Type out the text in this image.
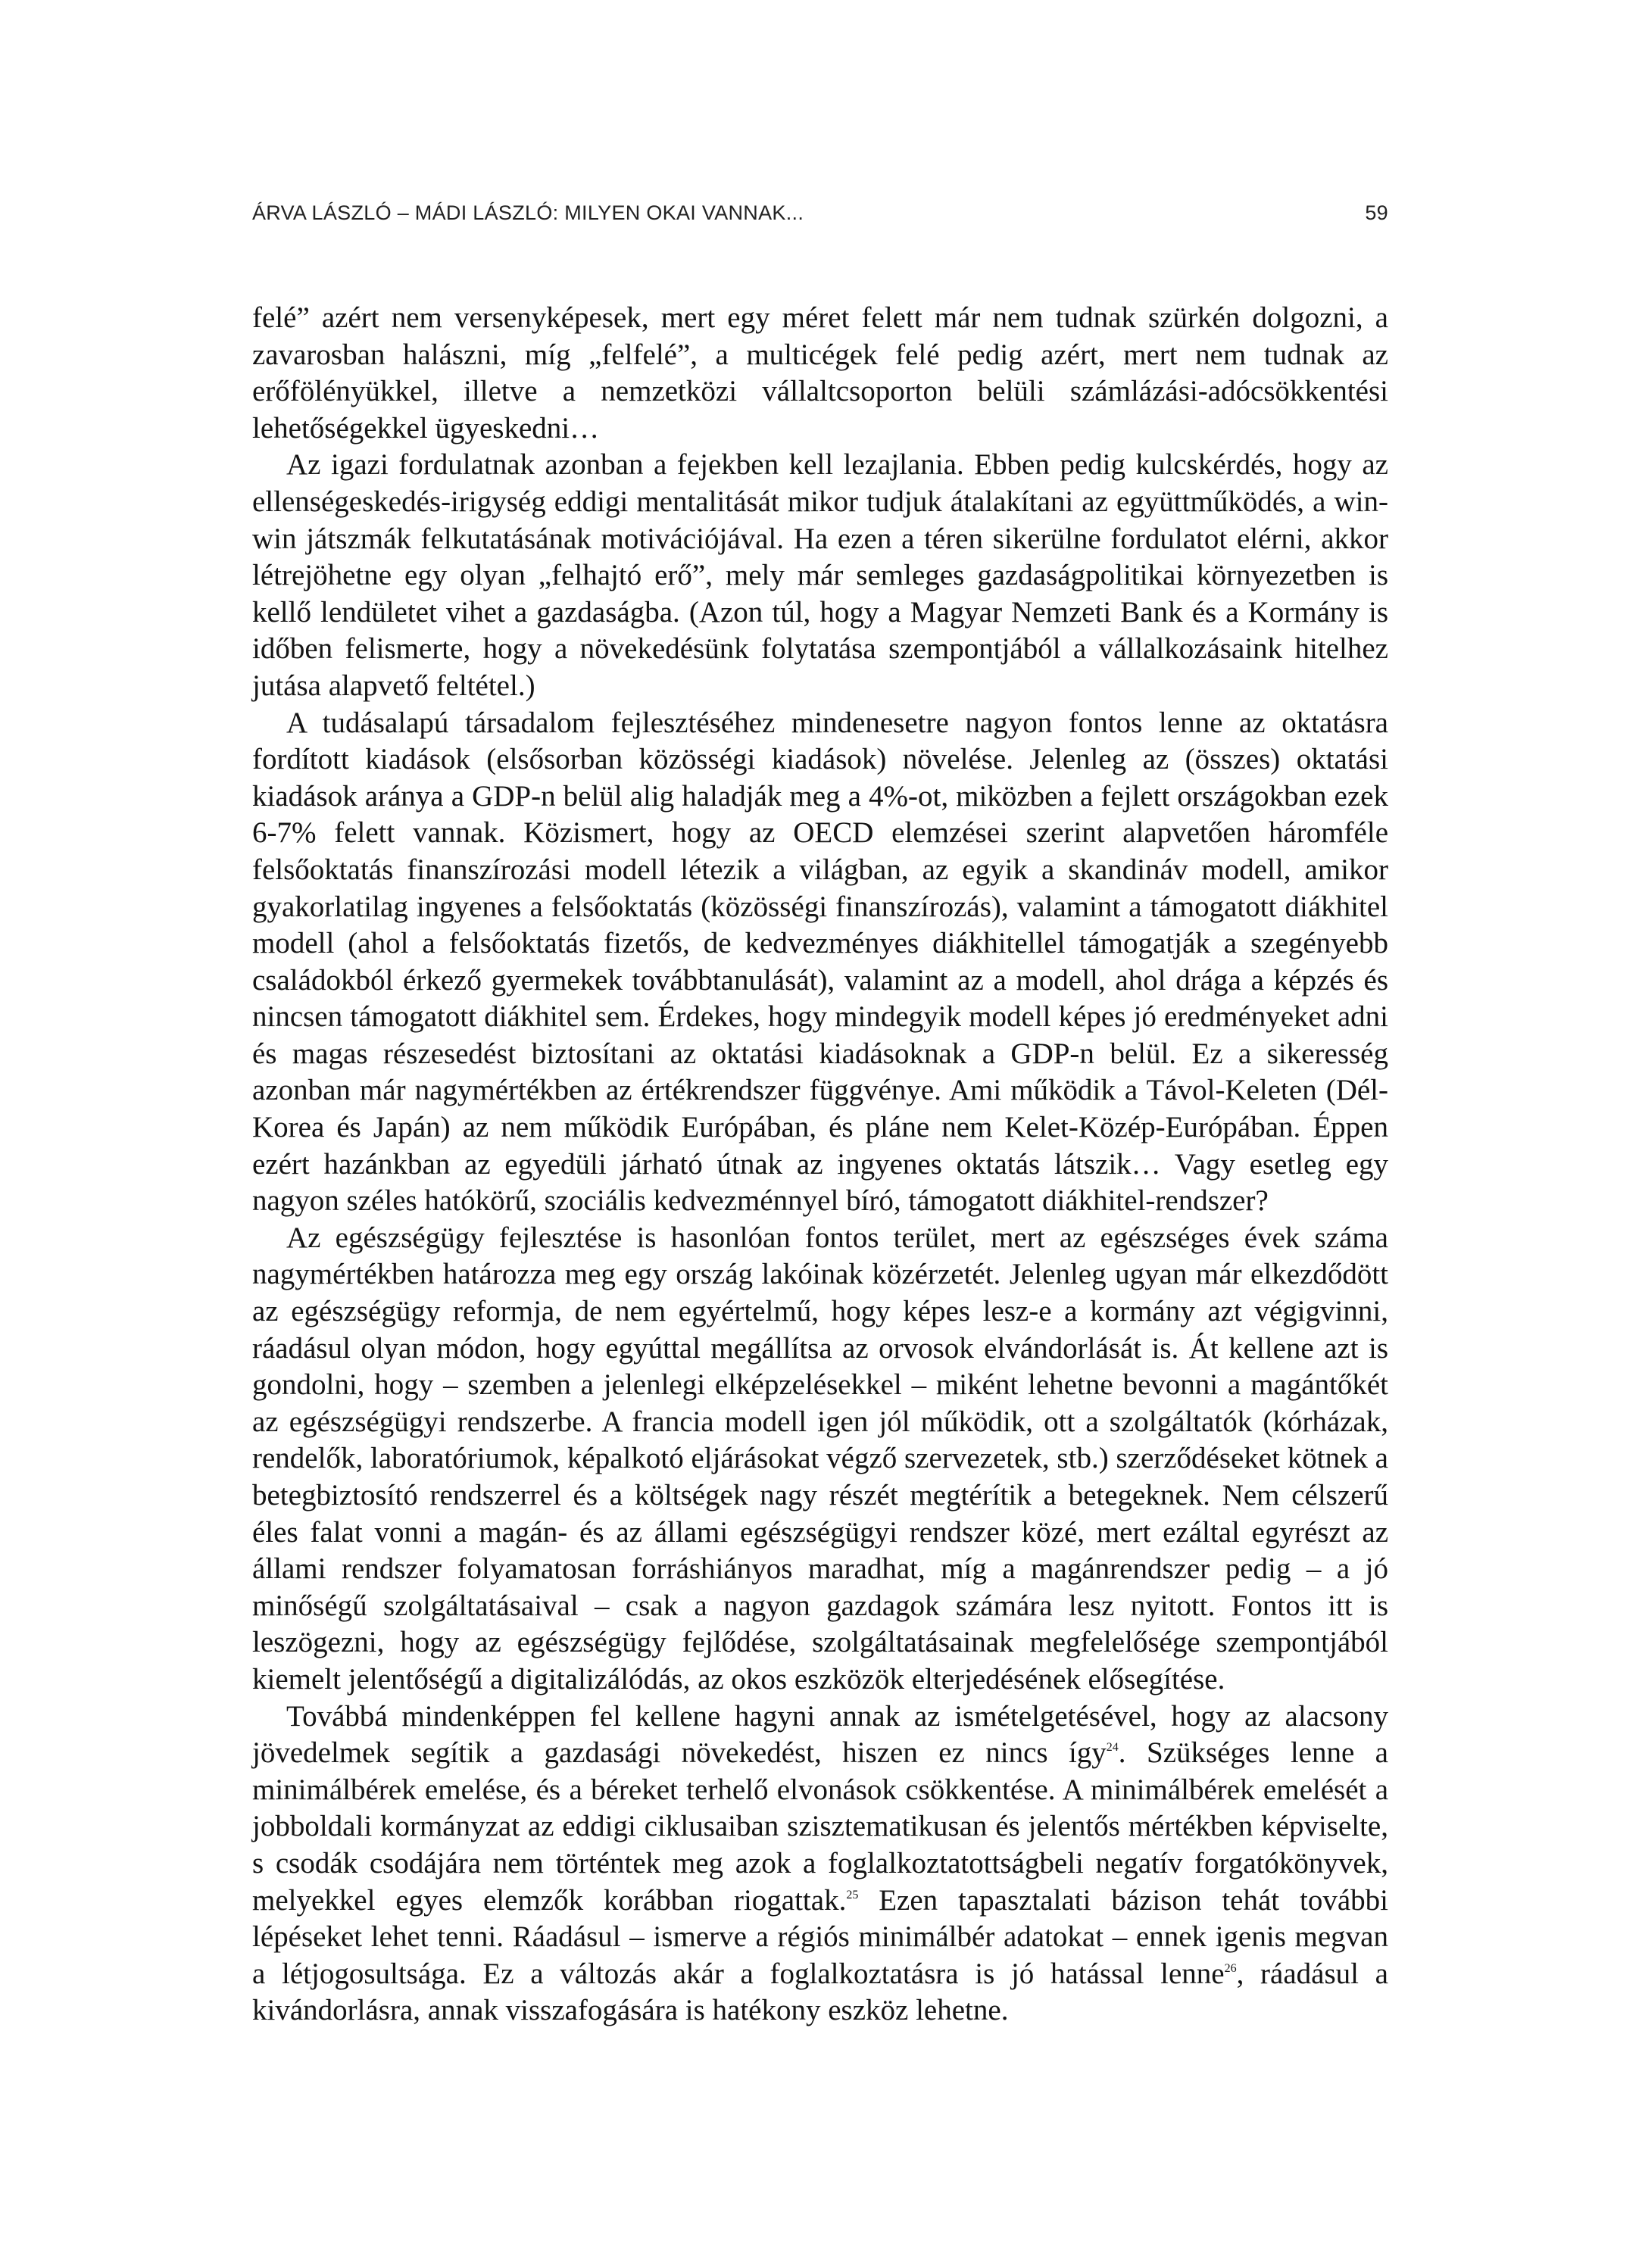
ÁRVA LÁSZLÓ – MÁDI LÁSZLÓ: MILYEN OKAI VANNAK...	59

felé” azért nem versenyképesek, mert egy méret felett már nem tudnak szürkén dolgozni, a zavarosban halászni, míg „felfelé”, a multicégek felé pedig azért, mert nem tudnak az erőfölényükkel, illetve a nemzetközi vállaltcsoporton belüli számlázási-adócsökkentési lehetőségekkel ügyeskedni…

Az igazi fordulatnak azonban a fejekben kell lezajlania. Ebben pedig kulcskérdés, hogy az ellenségeskedés-irigység eddigi mentalitását mikor tudjuk átalakítani az együttműködés, a win-win játszmák felkutatásának motivációjával. Ha ezen a téren sikerülne fordulatot elérni, akkor létrejöhetne egy olyan „felhajtó erő”, mely már semleges gazdaságpolitikai környezetben is kellő lendületet vihet a gazdaságba. (Azon túl, hogy a Magyar Nemzeti Bank és a Kormány is időben felismerte, hogy a növekedésünk folytatása szempontjából a vállalkozásaink hitelhez jutása alapvető feltétel.)

A tudásalapú társadalom fejlesztéséhez mindenesetre nagyon fontos lenne az oktatásra fordított kiadások (elsősorban közösségi kiadások) növelése. Jelenleg az (összes) oktatási kiadások aránya a GDP-n belül alig haladják meg a 4%-ot, miközben a fejlett országokban ezek 6-7% felett vannak. Közismert, hogy az OECD elemzései szerint alapvetően háromféle felsőoktatás finanszírozási modell létezik a világban, az egyik a skandináv modell, amikor gyakorlatilag ingyenes a felsőoktatás (közösségi finanszírozás), valamint a támogatott diákhitel modell (ahol a felsőoktatás fizetős, de kedvezményes diákhitellel támogatják a szegényebb családokból érkező gyermekek továbbtanulását), valamint az a modell, ahol drága a képzés és nincsen támogatott diákhitel sem. Érdekes, hogy mindegyik modell képes jó eredményeket adni és magas részesedést biztosítani az oktatási kiadásoknak a GDP-n belül. Ez a sikeresség azonban már nagymértékben az értékrendszer függvénye. Ami működik a Távol-Keleten (Dél-Korea és Japán) az nem működik Európában, és pláne nem Kelet-Közép-Európában. Éppen ezért hazánkban az egyedüli járható útnak az ingyenes oktatás látszik… Vagy esetleg egy nagyon széles hatókörű, szociális kedvezménnyel bíró, támogatott diákhitel-rendszer?

Az egészségügy fejlesztése is hasonlóan fontos terület, mert az egészséges évek száma nagymértékben határozza meg egy ország lakóinak közérzetét. Jelenleg ugyan már elkezdődött az egészségügy reformja, de nem egyértelmű, hogy képes lesz-e a kormány azt végigvinni, ráadásul olyan módon, hogy egyúttal megállítsa az orvosok elvándorlását is. Át kellene azt is gondolni, hogy – szemben a jelenlegi elképzelésekkel – miként lehetne bevonni a magántőkét az egészségügyi rendszerbe. A francia modell igen jól működik, ott a szolgáltatók (kórházak, rendelők, laboratóriumok, képalkotó eljárásokat végző szervezetek, stb.) szerződéseket kötnek a betegbiztosító rendszerrel és a költségek nagy részét megtérítik a betegeknek. Nem célszerű éles falat vonni a magán- és az állami egészségügyi rendszer közé, mert ezáltal egyrészt az állami rendszer folyamatosan forráshiányos maradhat, míg a magánrendszer pedig – a jó minőségű szolgáltatásaival – csak a nagyon gazdagok számára lesz nyitott. Fontos itt is leszögezni, hogy az egészségügy fejlődése, szolgáltatásainak megfelelősége szempontjából kiemelt jelentőségű a digitalizálódás, az okos eszközök elterjedésének elősegítése.

Továbbá mindenképpen fel kellene hagyni annak az ismételgetésével, hogy az alacsony jövedelmek segítik a gazdasági növekedést, hiszen ez nincs így$^{24}$. Szükséges lenne a minimálbérek emelése, és a béreket terhelő elvonások csökkentése. A minimálbérek emelését a jobboldali kormányzat az eddigi ciklusaiban szisztematikusan és jelentős mértékben képviselte, s csodák csodájára nem történtek meg azok a foglalkoztatottságbeli negatív forgatókönyvek, melyekkel egyes elemzők korábban riogattak.$^{25}$ Ezen tapasztalati bázison tehát további lépéseket lehet tenni. Ráadásul – ismerve a régiós minimálbér adatokat – ennek igenis megvan a létjogosultsága. Ez a változás akár a foglalkoztatásra is jó hatással lenne$^{26}$, ráadásul a kivándorlásra, annak visszafogására is hatékony eszköz lehetne.
